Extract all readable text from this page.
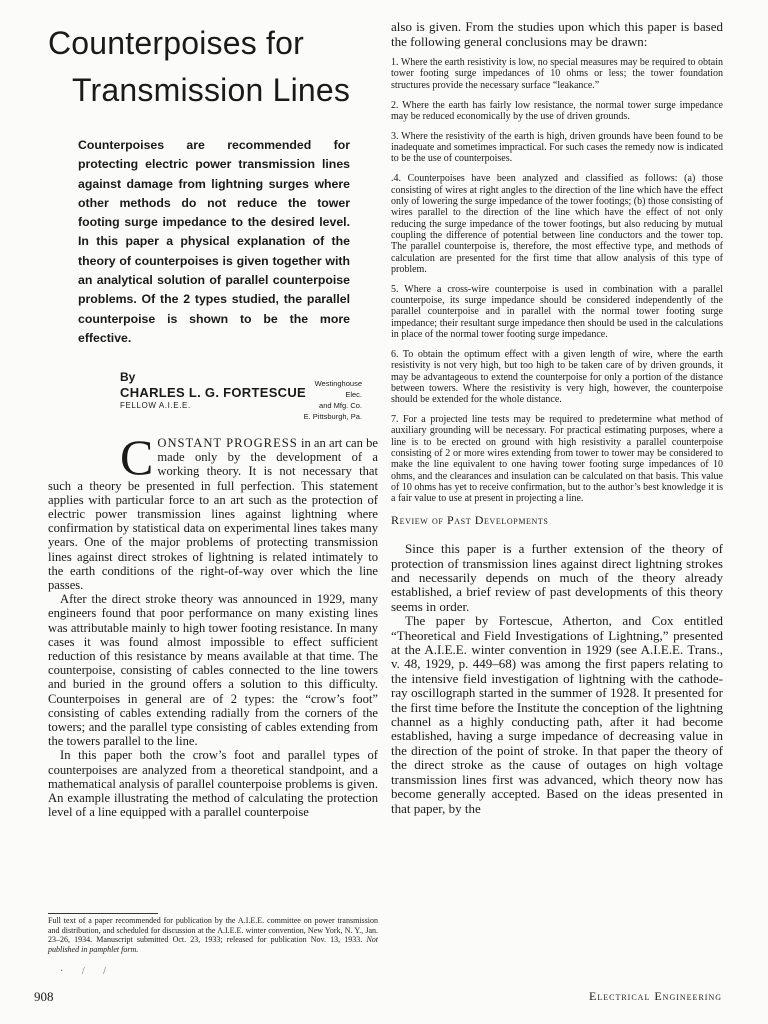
Counterpoises for
Transmission Lines

Counterpoises are recommended for protecting electric power transmission lines against damage from lightning surges where other methods do not reduce the tower footing surge impedance to the desired level. In this paper a physical explanation of the theory of counterpoises is given together with an analytical solution of parallel counterpoise problems. Of the 2 types studied, the parallel counterpoise is shown to be the more effective.

By
CHARLES L. G. FORTESCUE
FELLOW A.I.E.E.
Westinghouse Elec.
and Mfg. Co.
E. Pittsburgh, Pa.

CONSTANT PROGRESS in an art can be made only by the development of a working theory. It is not necessary that such a theory be presented in full perfection. This statement applies with particular force to an art such as the protection of electric power transmission lines against lightning where confirmation by statistical data on experimental lines takes many years. One of the major problems of protecting transmission lines against direct strokes of lightning is related intimately to the earth conditions of the right-of-way over which the line passes.

After the direct stroke theory was announced in 1929, many engineers found that poor performance on many existing lines was attributable mainly to high tower footing resistance. In many cases it was found almost impossible to effect sufficient reduction of this resistance by means available at that time. The counterpoise, consisting of cables connected to the line towers and buried in the ground offers a solution to this difficulty. Counterpoises in general are of 2 types: the “crow’s foot” consisting of cables extending radially from the corners of the towers; and the parallel type consisting of cables extending from the towers parallel to the line.

In this paper both the crow’s foot and parallel types of counterpoises are analyzed from a theoretical standpoint, and a mathematical analysis of parallel counterpoise problems is given. An example illustrating the method of calculating the protection level of a line equipped with a parallel counterpoise

Full text of a paper recommended for publication by the A.I.E.E. committee on power transmission and distribution, and scheduled for discussion at the A.I.E.E. winter convention, New York, N. Y., Jan. 23–26, 1934. Manuscript submitted Oct. 23, 1933; released for publication Nov. 13, 1933. Not published in pamphlet form.
· / /
908	Electrical Engineering

also is given. From the studies upon which this paper is based the following general conclusions may be drawn:

1. Where the earth resistivity is low, no special measures may be required to obtain tower footing surge impedances of 10 ohms or less; the tower foundation structures provide the necessary surface “leakance.”
2. Where the earth has fairly low resistance, the normal tower surge impedance may be reduced economically by the use of driven grounds.
3. Where the resistivity of the earth is high, driven grounds have been found to be inadequate and sometimes impractical. For such cases the remedy now is indicated to be the use of counterpoises.
.4. Counterpoises have been analyzed and classified as follows: (a) those consisting of wires at right angles to the direction of the line which have the effect only of lowering the surge impedance of the tower footings; (b) those consisting of wires parallel to the direction of the line which have the effect of not only reducing the surge impedance of the tower footings, but also reducing by mutual coupling the difference of potential between line conductors and the tower top. The parallel counterpoise is, therefore, the most effective type, and methods of calculation are presented for the first time that allow analysis of this type of problem.
5. Where a cross-wire counterpoise is used in combination with a parallel counterpoise, its surge impedance should be considered independently of the parallel counterpoise and in parallel with the normal tower footing surge impedance; their resultant surge impedance then should be used in the calculations in place of the normal tower footing surge impedance.
6. To obtain the optimum effect with a given length of wire, where the earth resistivity is not very high, but too high to be taken care of by driven grounds, it may be advantageous to extend the counterpoise for only a portion of the distance between towers. Where the resistivity is very high, however, the counterpoise should be extended for the whole distance.
7. For a projected line tests may be required to predetermine what method of auxiliary grounding will be necessary. For practical estimating purposes, where a line is to be erected on ground with high resistivity a parallel counterpoise consisting of 2 or more wires extending from tower to tower may be considered to make the line equivalent to one having tower footing surge impedances of 10 ohms, and the clearances and insulation can be calculated on that basis. This value of 10 ohms has yet to receive confirmation, but to the author’s best knowledge it is a fair value to use at present in projecting a line.
Review of Past Developments

Since this paper is a further extension of the theory of protection of transmission lines against direct lightning strokes and necessarily depends on much of the theory already established, a brief review of past developments of this theory seems in order.

The paper by Fortescue, Atherton, and Cox entitled “Theoretical and Field Investigations of Lightning,” presented at the A.I.E.E. winter convention in 1929 (see A.I.E.E. Trans., v. 48, 1929, p. 449–68) was among the first papers relating to the intensive field investigation of lightning with the cathode-ray oscillograph started in the summer of 1928. It presented for the first time before the Institute the conception of the lightning channel as a highly conducting path, after it had become established, having a surge impedance of decreasing value in the direction of the point of stroke. In that paper the theory of the direct stroke as the cause of outages on high voltage transmission lines first was advanced, which theory now has become generally accepted. Based on the ideas presented in that paper, by the
